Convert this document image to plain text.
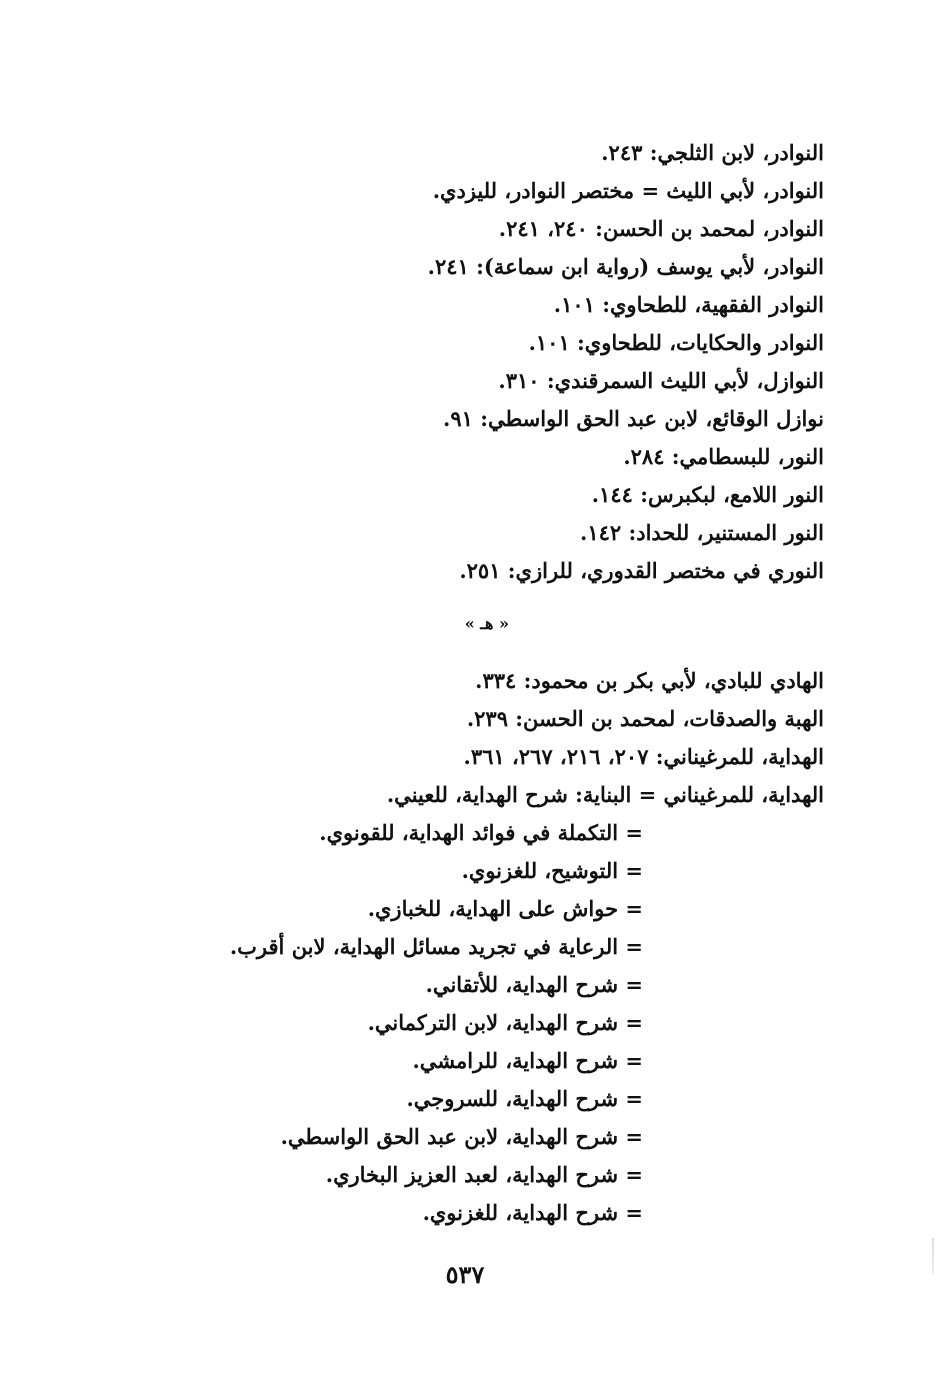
النوادر، لابن الثلجي: ٢٤٣.
النوادر، لأبي الليث = مختصر النوادر، لليزدي.
النوادر، لمحمد بن الحسن: ٢٤٠، ٢٤١.
النوادر، لأبي يوسف (رواية ابن سماعة): ٢٤١.
النوادر الفقهية، للطحاوي: ١٠١.
النوادر والحكايات، للطحاوي: ١٠١.
النوازل، لأبي الليث السمرقندي: ٣١٠.
نوازل الوقائع، لابن عبد الحق الواسطي: ٩١.
النور، للبسطامي: ٢٨٤.
النور اللامع، لبكبرس: ١٤٤.
النور المستنير، للحداد: ١٤٢.
النوري في مختصر القدوري، للرازي: ٢٥١.
« هـ »
الهادي للبادي، لأبي بكر بن محمود: ٣٣٤.
الهبة والصدقات، لمحمد بن الحسن: ٢٣٩.
الهداية، للمرغيناني: ٢٠٧، ٢١٦، ٢٦٧، ٣٦١.
الهداية، للمرغيناني = البناية: شرح الهداية، للعيني.
= التكملة في فوائد الهداية، للقونوي.
= التوشيح، للغزنوي.
= حواش على الهداية، للخبازي.
= الرعاية في تجريد مسائل الهداية، لابن أقرب.
= شرح الهداية، للأتقاني.
= شرح الهداية، لابن التركماني.
= شرح الهداية، للرامشي.
= شرح الهداية، للسروجي.
= شرح الهداية، لابن عبد الحق الواسطي.
= شرح الهداية، لعبد العزيز البخاري.
= شرح الهداية، للغزنوي.
٥٣٧
